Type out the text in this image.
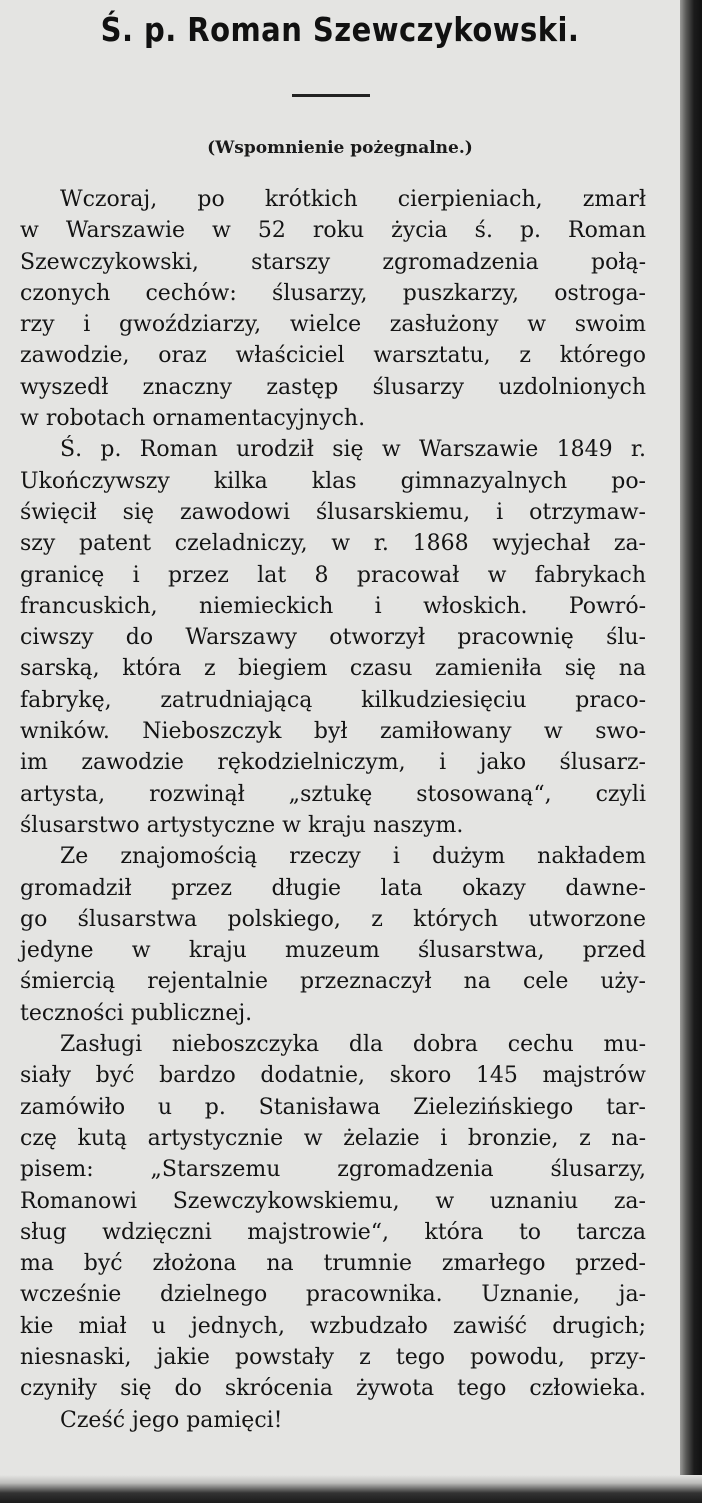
Ś. p. Roman Szewczykowski.

(Wspomnienie pożegnalne.)

Wczoraj, po krótkich cierpieniach, zmarł
w Warszawie w 52 roku życia ś. p. Roman
Szewczykowski, starszy zgromadzenia połą-
czonych cechów: ślusarzy, puszkarzy, ostroga-
rzy i gwoździarzy, wielce zasłużony w swoim
zawodzie, oraz właściciel warsztatu, z którego
wyszedł znaczny zastęp ślusarzy uzdolnionych
w robotach ornamentacyjnych.
Ś. p. Roman urodził się w Warszawie 1849 r.
Ukończywszy kilka klas gimnazyalnych po-
święcił się zawodowi ślusarskiemu, i otrzymaw-
szy patent czeladniczy, w r. 1868 wyjechał za-
granicę i przez lat 8 pracował w fabrykach
francuskich, niemieckich i włoskich. Powró-
ciwszy do Warszawy otworzył pracownię ślu-
sarską, która z biegiem czasu zamieniła się na
fabrykę, zatrudniającą kilkudziesięciu praco-
wników. Nieboszczyk był zamiłowany w swo-
im zawodzie rękodzielniczym, i jako ślusarz-
artysta, rozwinął „sztukę stosowaną“, czyli
ślusarstwo artystyczne w kraju naszym.
Ze znajomością rzeczy i dużym nakładem
gromadził przez długie lata okazy dawne-
go ślusarstwa polskiego, z których utworzone
jedyne w kraju muzeum ślusarstwa, przed
śmiercią rejentalnie przeznaczył na cele uży-
teczności publicznej.
Zasługi nieboszczyka dla dobra cechu mu-
siały być bardzo dodatnie, skoro 145 majstrów
zamówiło u p. Stanisława Zielezińskiego tar-
czę kutą artystycznie w żelazie i bronzie, z na-
pisem: „Starszemu zgromadzenia ślusarzy,
Romanowi Szewczykowskiemu, w uznaniu za-
sług wdzięczni majstrowie“, która to tarcza
ma być złożona na trumnie zmarłego przed-
wcześnie dzielnego pracownika. Uznanie, ja-
kie miał u jednych, wzbudzało zawiść drugich;
niesnaski, jakie powstały z tego powodu, przy-
czyniły się do skrócenia żywota tego człowieka.
Cześć jego pamięci!
